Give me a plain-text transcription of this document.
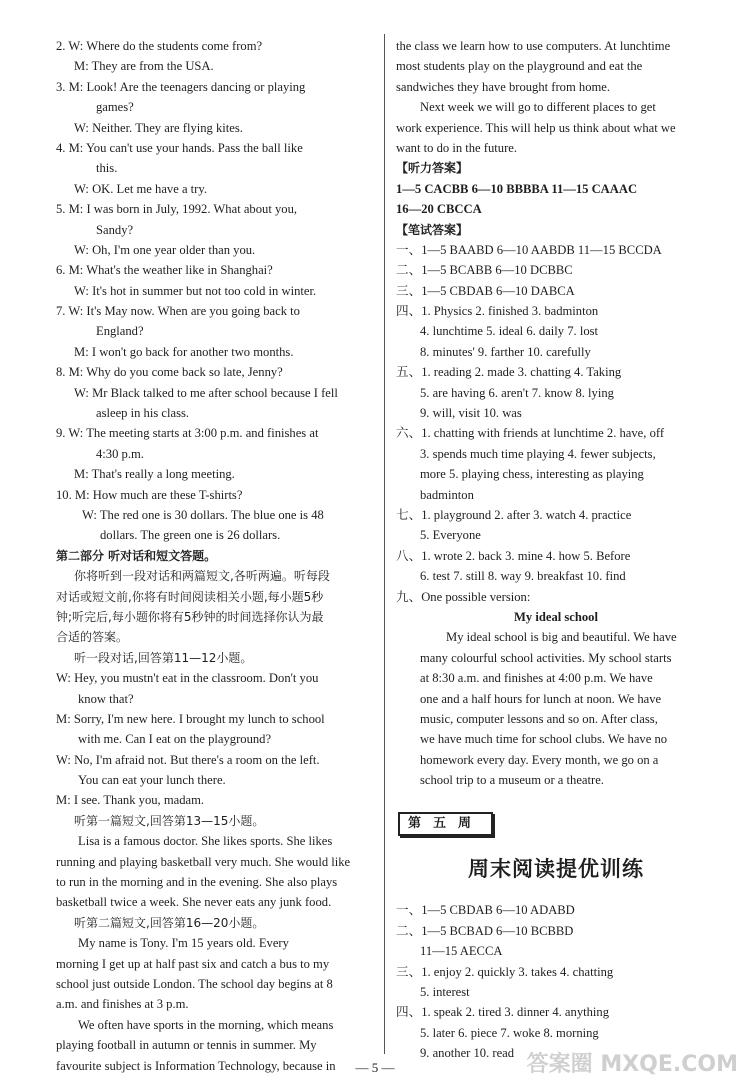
2. W: Where do the students come from?
M: They are from the USA.
3. M: Look! Are the teenagers dancing or playing
games?
W: Neither. They are flying kites.
4. M: You can't use your hands. Pass the ball like
this.
W: OK. Let me have a try.
5. M: I was born in July, 1992. What about you,
Sandy?
W: Oh, I'm one year older than you.
6. M: What's the weather like in Shanghai?
W: It's hot in summer but not too cold in winter.
7. W: It's May now. When are you going back to
England?
M: I won't go back for another two months.
8. M: Why do you come back so late, Jenny?
W: Mr Black talked to me after school because I fell
asleep in his class.
9. W: The meeting starts at 3:00 p.m. and finishes at
4:30 p.m.
M: That's really a long meeting.
10. M: How much are these T-shirts?
W: The red one is 30 dollars. The blue one is 48
dollars. The green one is 26 dollars.
第二部分 听对话和短文答题。
你将听到一段对话和两篇短文,各听两遍。听每段
对话或短文前,你将有时间阅读相关小题,每小题5秒
钟;听完后,每小题你将有5秒钟的时间选择你认为最
合适的答案。
听一段对话,回答第11—12小题。
W: Hey, you mustn't eat in the classroom. Don't you
know that?
M: Sorry, I'm new here. I brought my lunch to school
with me. Can I eat on the playground?
W: No, I'm afraid not. But there's a room on the left.
You can eat your lunch there.
M: I see. Thank you, madam.
听第一篇短文,回答第13—15小题。
Lisa is a famous doctor. She likes sports. She likes
running and playing basketball very much. She would like
to run in the morning and in the evening. She also plays
basketball twice a week. She never eats any junk food.
听第二篇短文,回答第16—20小题。
My name is Tony. I'm 15 years old. Every
morning I get up at half past six and catch a bus to my
school just outside London. The school day begins at 8
a.m. and finishes at 3 p.m.
We often have sports in the morning, which means
playing football in autumn or tennis in summer. My
favourite subject is Information Technology, because in
the class we learn how to use computers. At lunchtime
most students play on the playground and eat the
sandwiches they have brought from home.
Next week we will go to different places to get
work experience. This will help us think about what we
want to do in the future.
【听力答案】
1—5 CACBB 6—10 BBBBA 11—15 CAAAC
16—20 CBCCA
【笔试答案】
一、1—5 BAABD 6—10 AABDB 11—15 BCCDA
二、1—5 BCABB 6—10 DCBBC
三、1—5 CBDAB 6—10 DABCA
四、1. Physics 2. finished 3. badminton
4. lunchtime 5. ideal 6. daily 7. lost
8. minutes' 9. farther 10. carefully
五、1. reading 2. made 3. chatting 4. Taking
5. are having 6. aren't 7. know 8. lying
9. will, visit 10. was
六、1. chatting with friends at lunchtime 2. have, off
3. spends much time playing 4. fewer subjects,
more 5. playing chess, interesting as playing
badminton
七、1. playground 2. after 3. watch 4. practice
5. Everyone
八、1. wrote 2. back 3. mine 4. how 5. Before
6. test 7. still 8. way 9. breakfast 10. find
九、One possible version:
My ideal school
My ideal school is big and beautiful. We have
many colourful school activities. My school starts
at 8:30 a.m. and finishes at 4:00 p.m. We have
one and a half hours for lunch at noon. We have
music, computer lessons and so on. After class,
we have much time for school clubs. We have no
homework every day. Every month, we go on a
school trip to a museum or a theatre.
第五周
周末阅读提优训练
一、1—5 CBDAB 6—10 ADABD
二、1—5 BCBAD 6—10 BCBBD
11—15 AECCA
三、1. enjoy 2. quickly 3. takes 4. chatting
5. interest
四、1. speak 2. tired 3. dinner 4. anything
5. later 6. piece 7. woke 8. morning
9. another 10. read
— 5 —	答案圈 MXQE.COM
